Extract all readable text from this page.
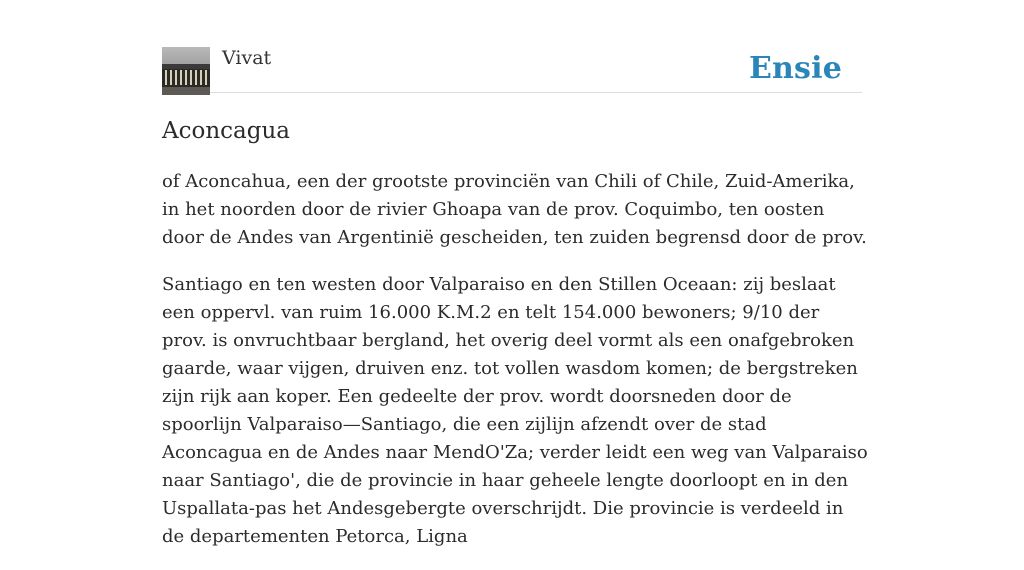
Vivat	Ensie
Aconcagua

of Aconcahua, een der grootste provinciën van Chili of Chile, Zuid-Amerika, in het noorden door de rivier Ghoapa van de prov. Coquimbo, ten oosten door de Andes van Argentinië gescheiden, ten zuiden begrensd door de prov.

Santiago en ten westen door Valparaiso en den Stillen Oceaan: zij beslaat een oppervl. van ruim 16.000 K.M.2 en telt 154.000 bewoners; 9/10 der prov. is onvruchtbaar bergland, het overig deel vormt als een onafgebroken gaarde, waar vijgen, druiven enz. tot vollen wasdom komen; de bergstreken zijn rijk aan koper. Een gedeelte der prov. wordt doorsneden door de spoorlijn Valparaiso—Santiago, die een zijlijn afzendt over de stad Aconcagua en de Andes naar MendO'Za; verder leidt een weg van Valparaiso naar Santiago', die de provincie in haar geheele lengte doorloopt en in den Uspallata-pas het Andesgebergte overschrijdt. Die provincie is verdeeld in de departementen Petorca, Ligna
